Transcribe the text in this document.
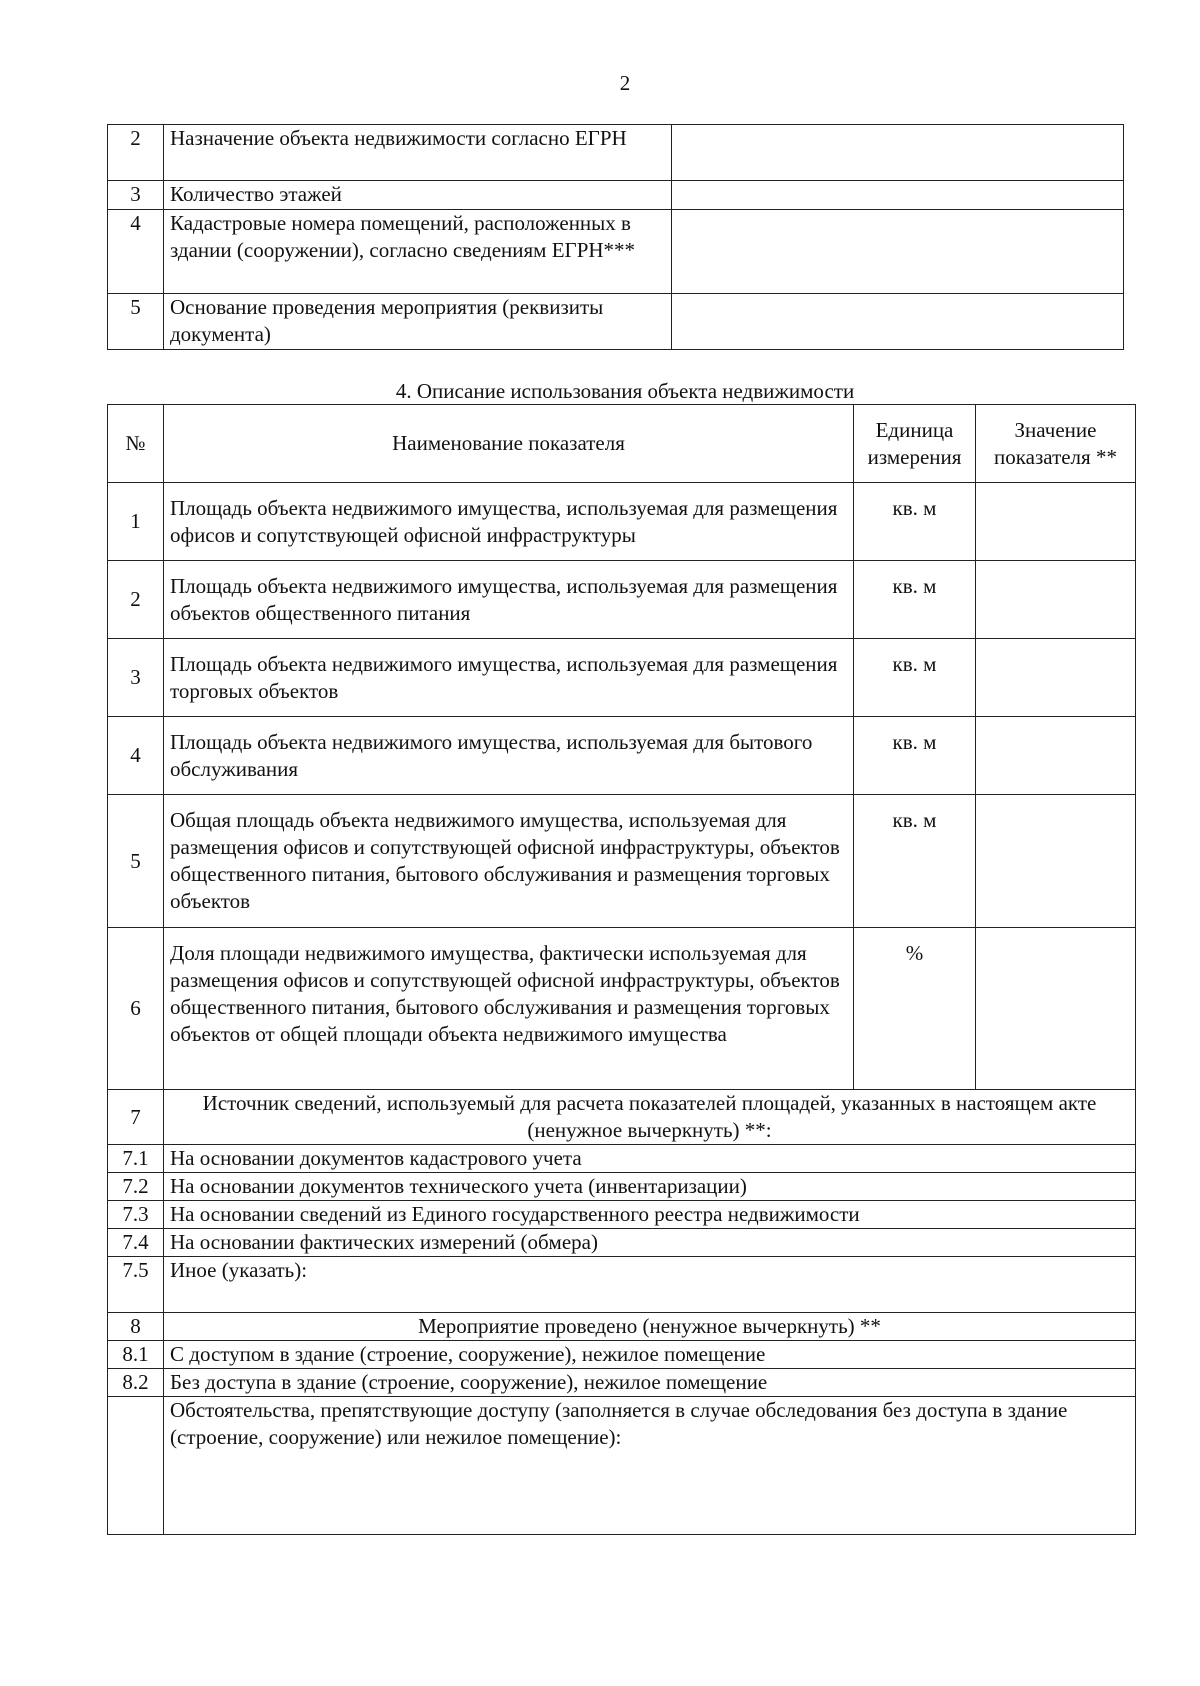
2
2	Назначение объекта недвижимости согласно ЕГРН	
3	Количество этажей	
4	Кадастровые номера помещений, расположенных в здании (сооружении), согласно сведениям ЕГРН***	
5	Основание проведения мероприятия (реквизиты документа)	
4. Описание использования объекта недвижимости
№	Наименование показателя	Единица измерения	Значение показателя **
1	Площадь объекта недвижимого имущества, используемая для размещения офисов и сопутствующей офисной инфраструктуры	кв. м	
2	Площадь объекта недвижимого имущества, используемая для размещения объектов общественного питания	кв. м	
3	Площадь объекта недвижимого имущества, используемая для размещения торговых объектов	кв. м	
4	Площадь объекта недвижимого имущества, используемая для бытового обслуживания	кв. м	
5	Общая площадь объекта недвижимого имущества, используемая для размещения офисов и сопутствующей офисной инфраструктуры, объектов общественного питания, бытового обслуживания и размещения торговых объектов	кв. м	
6	Доля площади недвижимого имущества, фактически используемая для размещения офисов и сопутствующей офисной инфраструктуры, объектов общественного питания, бытового обслуживания и размещения торговых объектов от общей площади объекта недвижимого имущества	%	
7	Источник сведений, используемый для расчета показателей площадей, указанных в настоящем акте (ненужное вычеркнуть) **:		
7.1	На основании документов кадастрового учета		
7.2	На основании документов технического учета (инвентаризации)		
7.3	На основании сведений из Единого государственного реестра недвижимости		
7.4	На основании фактических измерений (обмера)		
7.5	Иное (указать):		
8	Мероприятие проведено (ненужное вычеркнуть) **		
8.1	С доступом в здание (строение, сооружение), нежилое помещение		
8.2	Без доступа в здание (строение, сооружение), нежилое помещение		
	Обстоятельства, препятствующие доступу (заполняется в случае обследования без доступа в здание (строение, сооружение) или нежилое помещение):		
